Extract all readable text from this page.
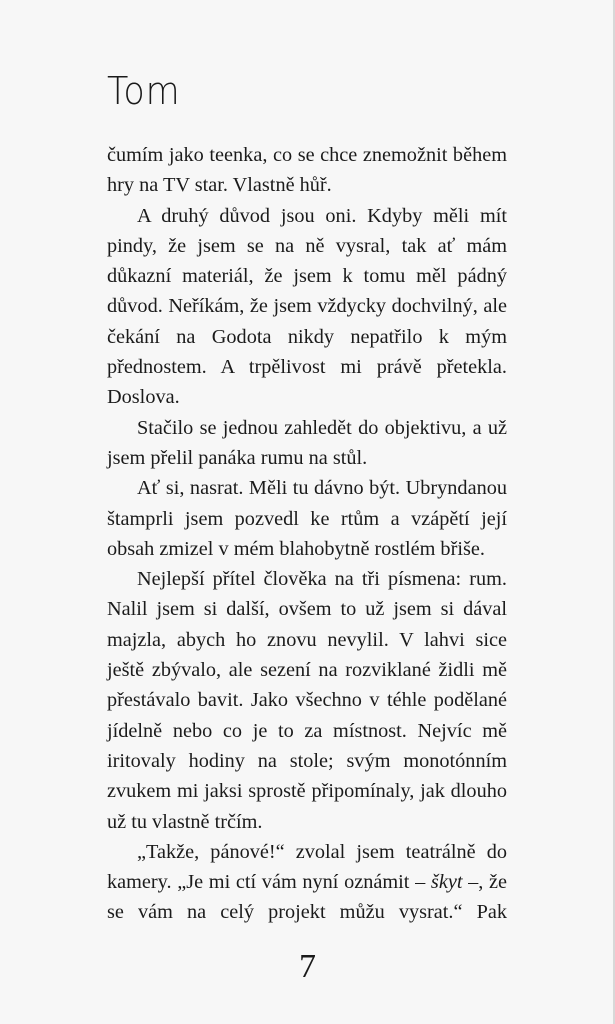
Tom

čumím jako teenka, co se chce znemožnit během hry na TV star. Vlastně hůř.

A druhý důvod jsou oni. Kdyby měli mít pindy, že jsem se na ně vysral, tak ať mám důkazní materiál, že jsem k tomu měl pádný důvod. Neříkám, že jsem vždycky dochvilný, ale čekání na Godota nikdy nepatřilo k mým přednostem. A trpělivost mi právě přetekla. Doslova.

Stačilo se jednou zahledět do objektivu, a už jsem přelil panáka rumu na stůl.

Ať si, nasrat. Měli tu dávno být. Ubryndanou štamprli jsem pozvedl ke rtům a vzápětí její obsah zmizel v mém blahobytně rostlém břiše.

Nejlepší přítel člověka na tři písmena: rum. Nalil jsem si další, ovšem to už jsem si dával majzla, abych ho znovu nevylil. V lahvi sice ještě zbývalo, ale sezení na rozviklané židli mě přestávalo bavit. Jako všechno v téhle podělané jídelně nebo co je to za místnost. Nejvíc mě iritovaly hodiny na stole; svým monotónním zvukem mi jaksi sprostě připomínaly, jak dlouho už tu vlastně trčím.

„Takže, pánové!“ zvolal jsem teatrálně do kamery. „Je mi ctí vám nyní oznámit – škyt –, že se vám na celý projekt můžu vysrat.“ Pak

7
